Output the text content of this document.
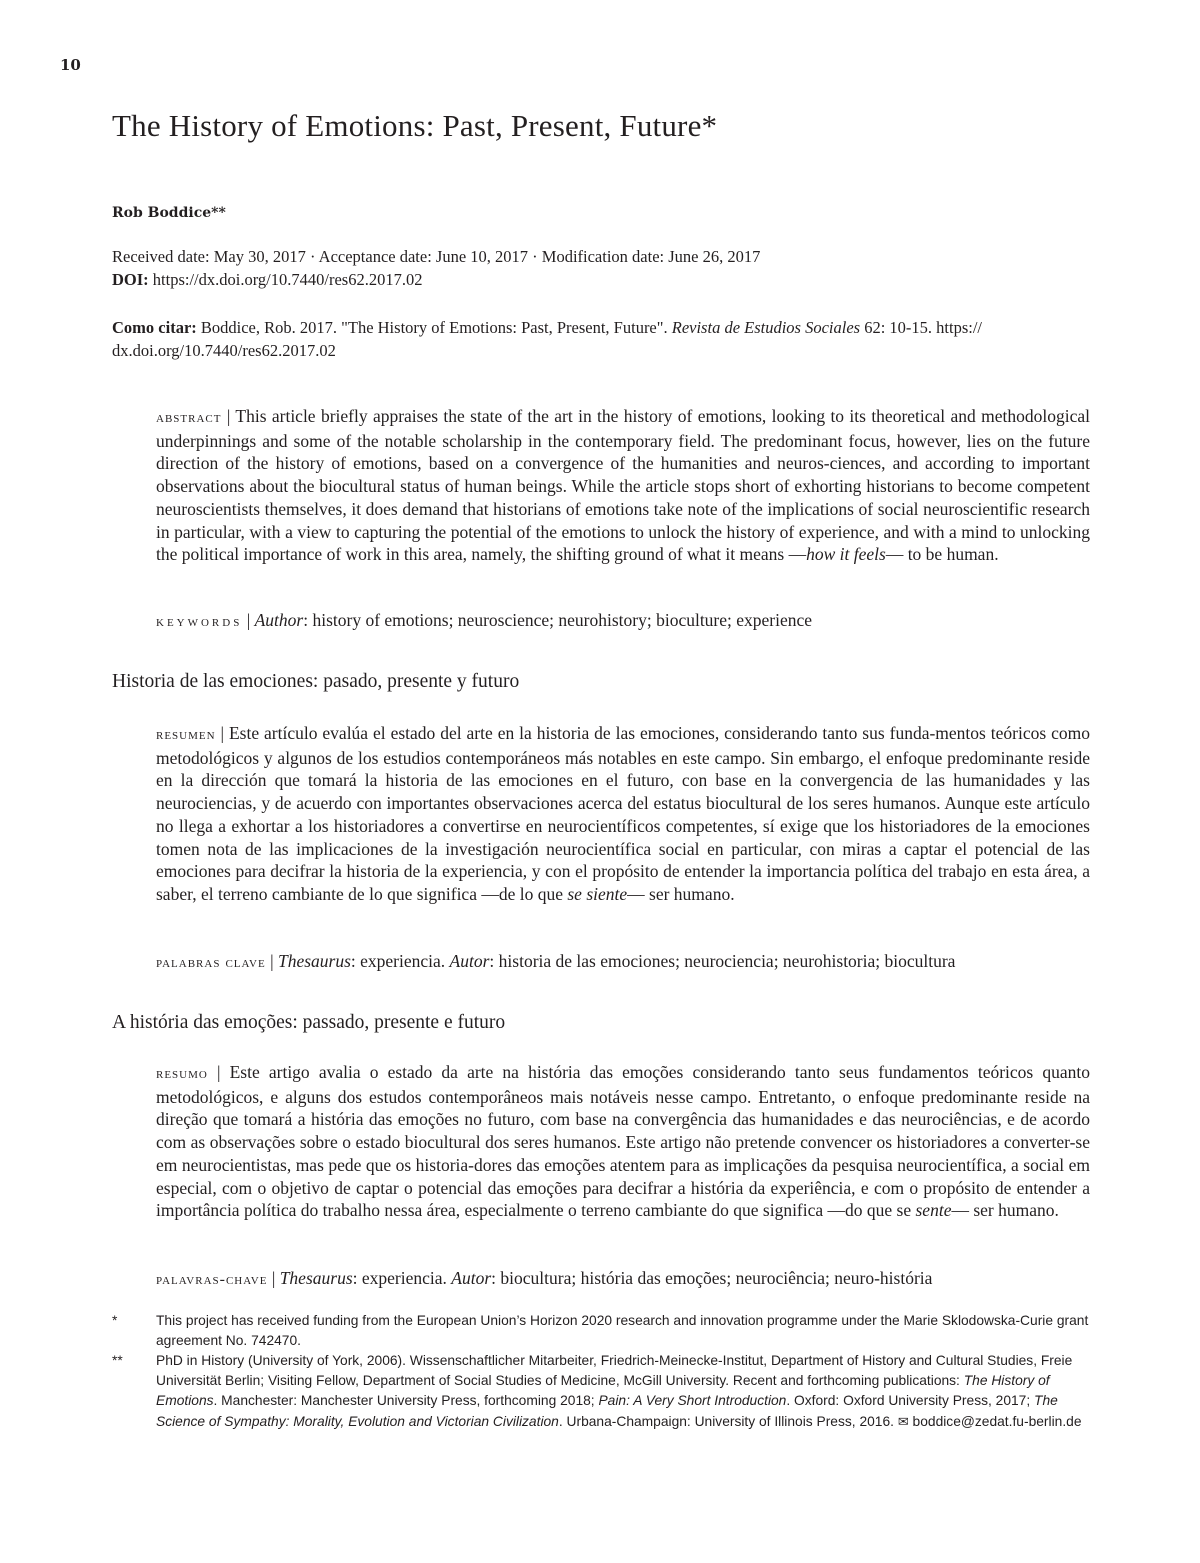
10
The History of Emotions: Past, Present, Future*
Rob Boddice**
Received date: May 30, 2017 · Acceptance date: June 10, 2017 · Modification date: June 26, 2017
DOI: https://dx.doi.org/10.7440/res62.2017.02
Como citar: Boddice, Rob. 2017. "The History of Emotions: Past, Present, Future". Revista de Estudios Sociales 62: 10-15. https://
dx.doi.org/10.7440/res62.2017.02

abstract | This article briefly appraises the state of the art in the history of emotions, looking to its theoretical and methodological underpinnings and some of the notable scholarship in the contemporary field. The predominant focus, however, lies on the future direction of the history of emotions, based on a convergence of the humanities and neuros-ciences, and according to important observations about the biocultural status of human beings. While the article stops short of exhorting historians to become competent neuroscientists themselves, it does demand that historians of emotions take note of the implications of social neuroscientific research in particular, with a view to capturing the potential of the emotions to unlock the history of experience, and with a mind to unlocking the political importance of work in this area, namely, the shifting ground of what it means —how it feels— to be human.

keywords | Author: history of emotions; neuroscience; neurohistory; bioculture; experience
Historia de las emociones: pasado, presente y futuro

resumen | Este artículo evalúa el estado del arte en la historia de las emociones, considerando tanto sus funda-mentos teóricos como metodológicos y algunos de los estudios contemporáneos más notables en este campo. Sin embargo, el enfoque predominante reside en la dirección que tomará la historia de las emociones en el futuro, con base en la convergencia de las humanidades y las neurociencias, y de acuerdo con importantes observaciones acerca del estatus biocultural de los seres humanos. Aunque este artículo no llega a exhortar a los historiadores a convertirse en neurocientíficos competentes, sí exige que los historiadores de la emociones tomen nota de las implicaciones de la investigación neurocientífica social en particular, con miras a captar el potencial de las emociones para decifrar la historia de la experiencia, y con el propósito de entender la importancia política del trabajo en esta área, a saber, el terreno cambiante de lo que significa —de lo que se siente— ser humano.

palabras clave | Thesaurus: experiencia. Autor: historia de las emociones; neurociencia; neurohistoria; biocultura
A história das emoções: passado, presente e futuro

resumo | Este artigo avalia o estado da arte na história das emoções considerando tanto seus fundamentos teóricos quanto metodológicos, e alguns dos estudos contemporâneos mais notáveis nesse campo. Entretanto, o enfoque predominante reside na direção que tomará a história das emoções no futuro, com base na convergência das humanidades e das neurociências, e de acordo com as observações sobre o estado biocultural dos seres humanos. Este artigo não pretende convencer os historiadores a converter-se em neurocientistas, mas pede que os historia-dores das emoções atentem para as implicações da pesquisa neurocientífica, a social em especial, com o objetivo de captar o potencial das emoções para decifrar a história da experiência, e com o propósito de entender a importância política do trabalho nessa área, especialmente o terreno cambiante do que significa —do que se sente— ser humano.

palavras-chave | Thesaurus: experiencia. Autor: biocultura; história das emoções; neurociência; neuro-história
*	This project has received funding from the European Union’s Horizon 2020 research and innovation programme under the Marie Sklodowska-Curie grant agreement No. 742470.
** PhD in History (University of York, 2006). Wissenschaftlicher Mitarbeiter, Friedrich-Meinecke-Institut, Department of History and Cultural Studies, Freie Universität Berlin; Visiting Fellow, Department of Social Studies of Medicine, McGill University. Recent and forthcoming publications: The History of Emotions. Manchester: Manchester University Press, forthcoming 2018; Pain: A Very Short Introduction. Oxford: Oxford University Press, 2017; The Science of Sympathy: Morality, Evolution and Victorian Civilization. Urbana-Champaign: University of Illinois Press, 2016. ✉ boddice@zedat.fu-berlin.de
